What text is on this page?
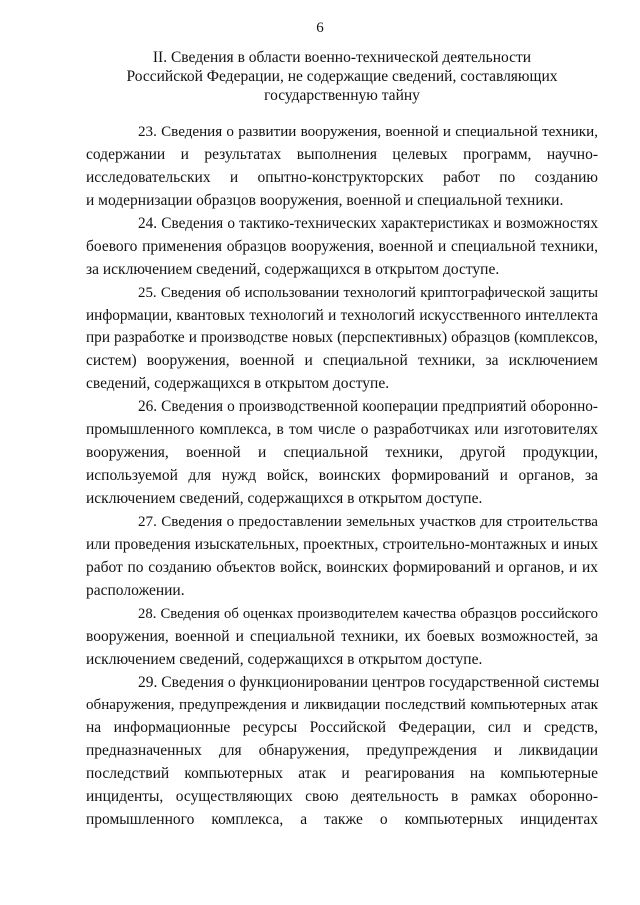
6
II. Сведения в области военно-технической деятельности
Российской Федерации, не содержащие сведений, составляющих
государственную тайну
23. Сведения о развитии вооружения, военной и специальной техники,
содержании и результатах выполнения целевых программ, научно-
исследовательских и опытно-конструкторских работ по созданию
и модернизации образцов вооружения, военной и специальной техники.
24. Сведения о тактико-технических характеристиках и возможностях
боевого применения образцов вооружения, военной и специальной техники,
за исключением сведений, содержащихся в открытом доступе.
25. Сведения об использовании технологий криптографической защиты
информации, квантовых технологий и технологий искусственного интеллекта
при разработке и производстве новых (перспективных) образцов (комплексов,
систем) вооружения, военной и специальной техники, за исключением
сведений, содержащихся в открытом доступе.
26. Сведения о производственной кооперации предприятий оборонно-
промышленного комплекса, в том числе о разработчиках или изготовителях
вооружения, военной и специальной техники, другой продукции,
используемой для нужд войск, воинских формирований и органов, за
исключением сведений, содержащихся в открытом доступе.
27. Сведения о предоставлении земельных участков для строительства
или проведения изыскательных, проектных, строительно-монтажных и иных
работ по созданию объектов войск, воинских формирований и органов, и их
расположении.
28. Сведения об оценках производителем качества образцов российского
вооружения, военной и специальной техники, их боевых возможностей, за
исключением сведений, содержащихся в открытом доступе.
29. Сведения о функционировании центров государственной системы
обнаружения, предупреждения и ликвидации последствий компьютерных атак
на информационные ресурсы Российской Федерации, сил и средств,
предназначенных для обнаружения, предупреждения и ликвидации
последствий компьютерных атак и реагирования на компьютерные
инциденты, осуществляющих свою деятельность в рамках оборонно-
промышленного комплекса, а также о компьютерных инцидентах
